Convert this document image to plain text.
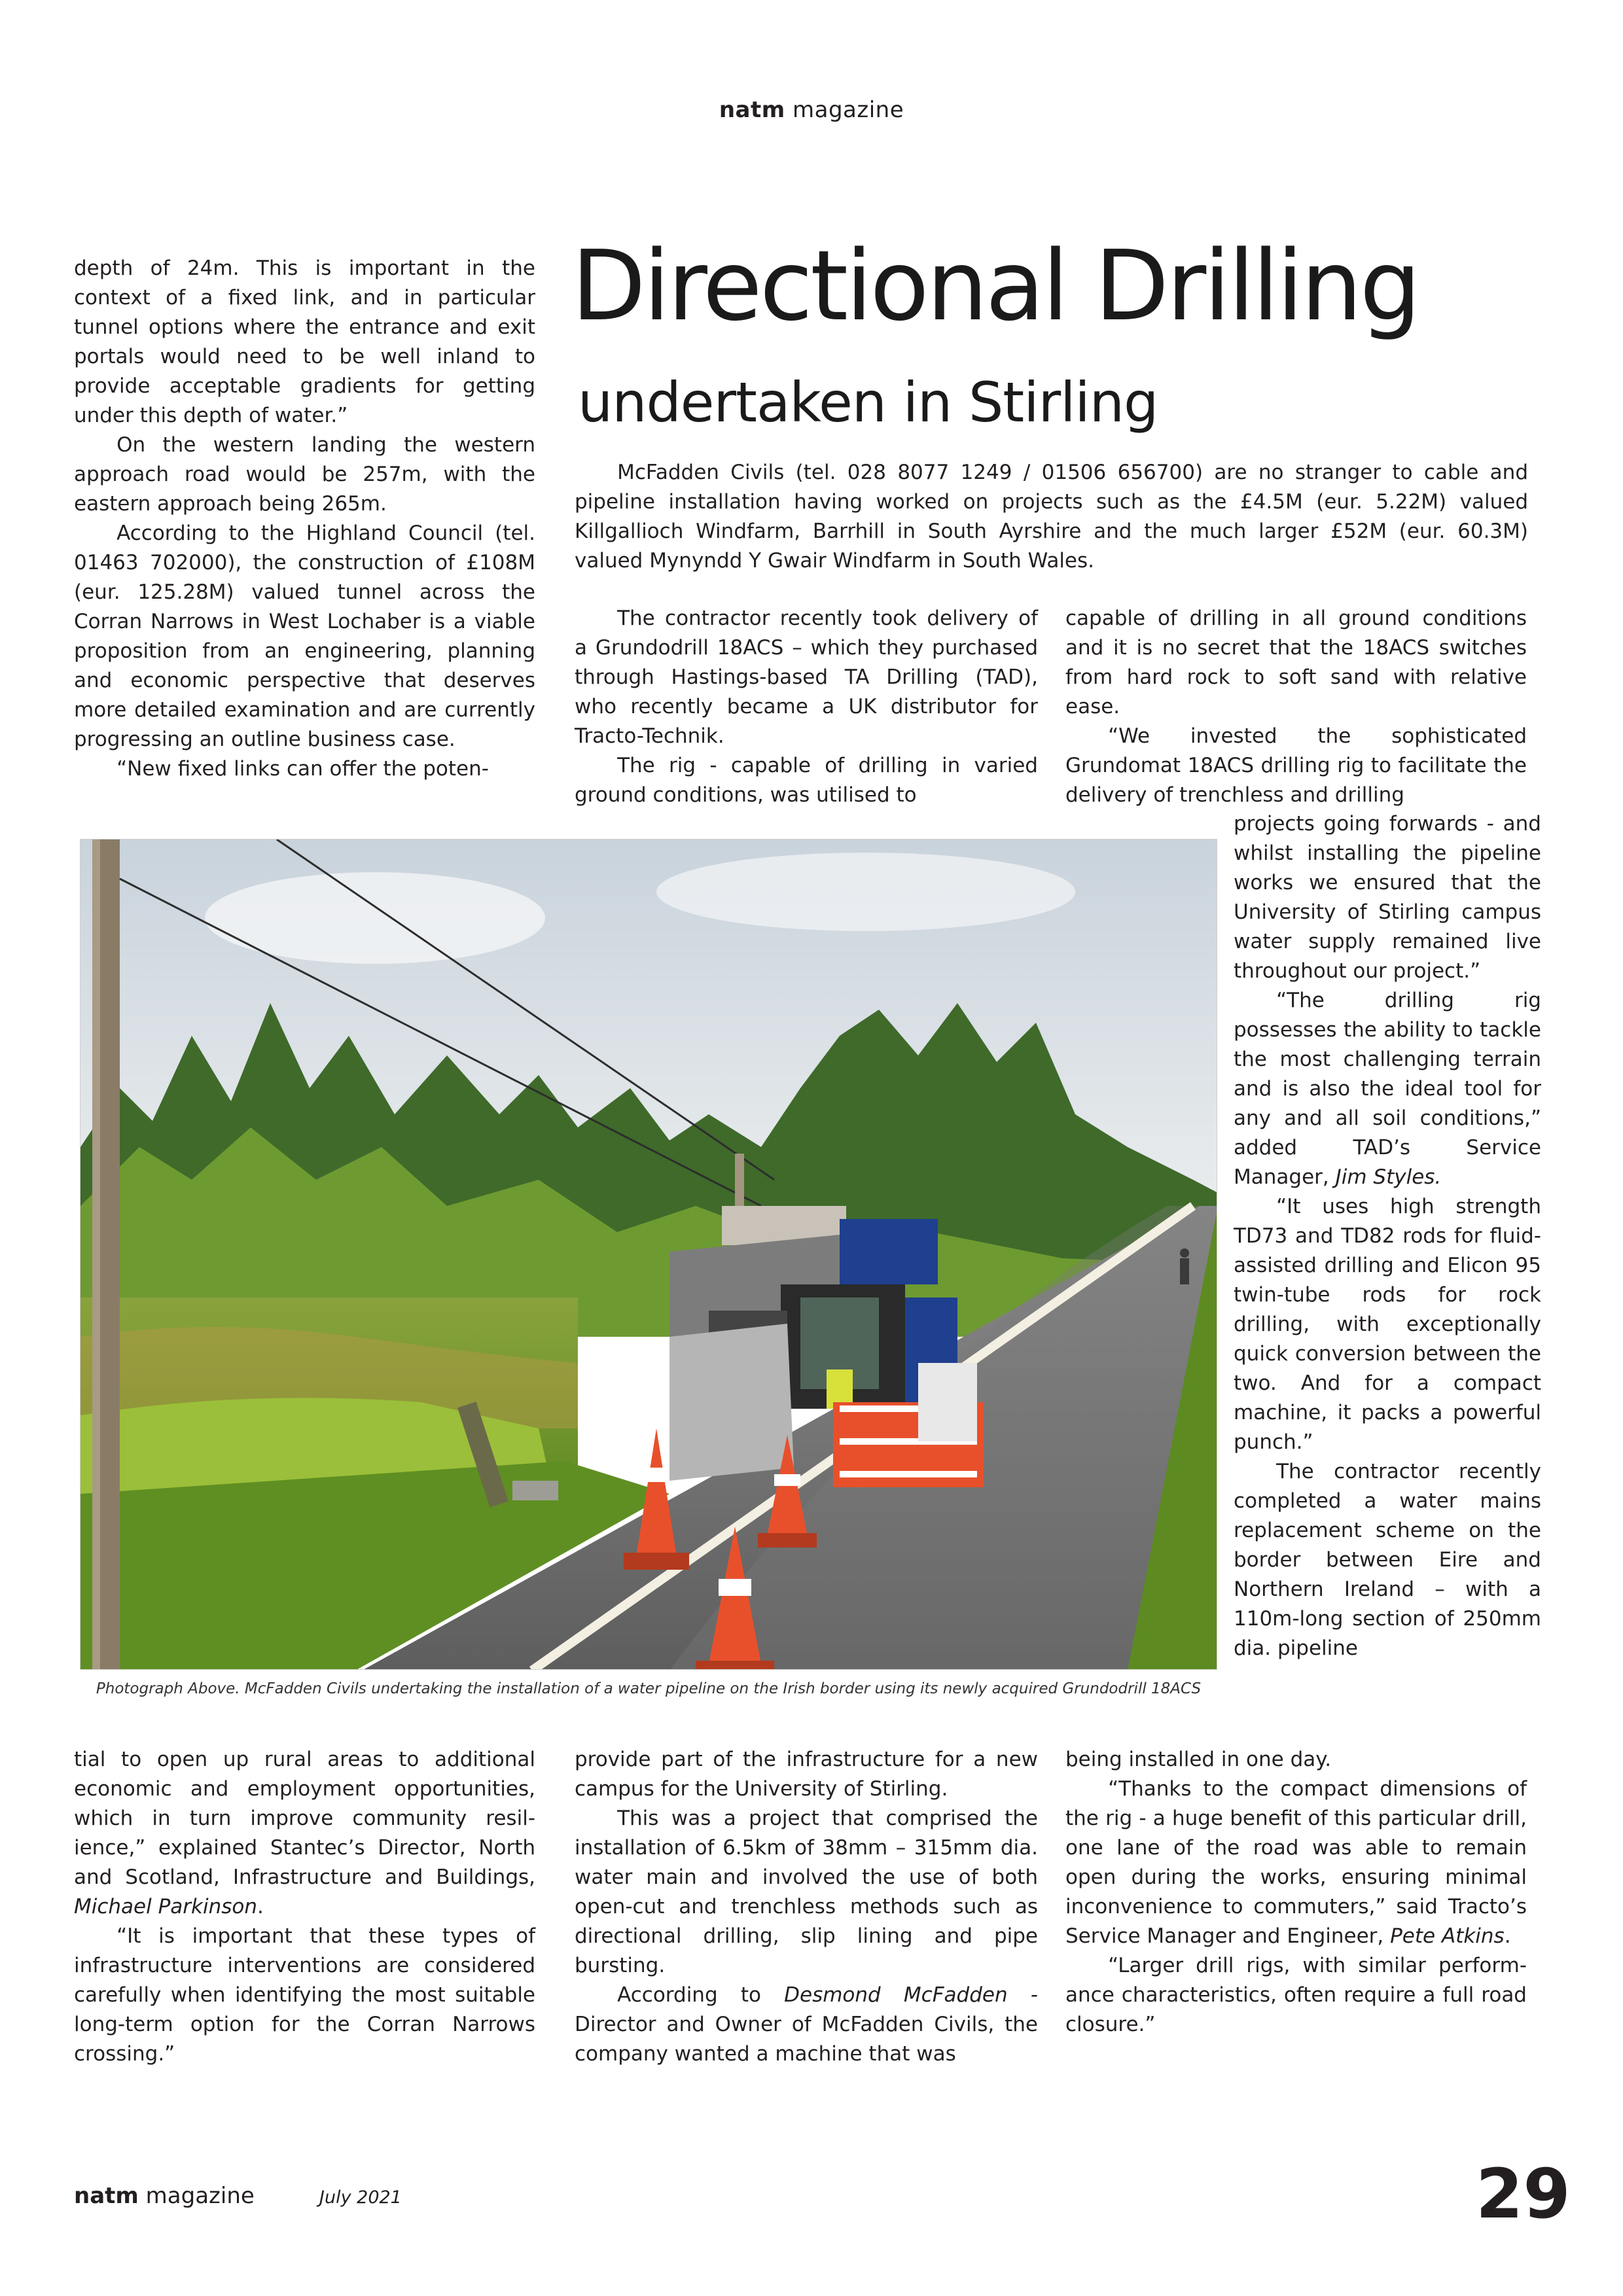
natm magazine

depth of 24m. This is important in the context of a fixed link, and in particular tunnel options where the entrance and exit portals would need to be well inland to provide acceptable gradients for getting under this depth of water.”

On the western landing the western approach road would be 257m, with the eastern approach being 265m.

According to the Highland Council (tel. 01463 702000), the construction of £108M (eur. 125.28M) valued tunnel across the Corran Narrows in West Lochaber is a viable proposition from an engineering, planning and economic perspective that deserves more detailed examination and are currently progressing an outline business case.

“New fixed links can offer the poten-

Directional Drilling
undertaken in Stirling

McFadden Civils (tel. 028 8077 1249 / 01506 656700) are no stranger to cable and pipeline installation having worked on projects such as the £4.5M (eur. 5.22M) valued Killgallioch Windfarm, Barrhill in South Ayrshire and the much larger £52M (eur. 60.3M) valued Mynyndd Y Gwair Windfarm in South Wales.

The contractor recently took delivery of a Grundodrill 18ACS – which they purchased through Hastings-based TA Drilling (TAD), who recently became a UK distributor for Tracto-Technik.

The rig - capable of drilling in varied ground conditions, was utilised to

capable of drilling in all ground conditions and it is no secret that the 18ACS switches from hard rock to soft sand with relative ease.

“We invested the sophisticated Grundomat 18ACS drilling rig to facilitate the delivery of trenchless and drilling

projects going forwards - and whilst installing the pipeline works we ensured that the University of Stirling campus water supply remained live throughout our project.”

“The drilling rig possesses the ability to tackle the most challenging terrain and is also the ideal tool for any and all soil conditions,” added TAD’s Service Manager, Jim Styles.

“It uses high strength TD73 and TD82 rods for fluid-assisted drilling and Elicon 95 twin-tube rods for rock drilling, with exceptionally quick conversion between the two. And for a compact machine, it packs a powerful punch.”

The contractor recently completed a water mains replacement scheme on the border between Eire and Northern Ireland – with a 110m-long section of 250mm dia. pipeline

Photograph Above. McFadden Civils undertaking the installation of a water pipeline on the Irish border using its newly acquired Grundodrill 18ACS

tial to open up rural areas to additional economic and employment opportunities, which in turn improve community resilience,” explained Stantec’s Director, North and Scotland, Infrastructure and Buildings, Michael Parkinson.

“It is important that these types of infrastructure interventions are considered carefully when identifying the most suitable long-term option for the Corran Narrows crossing.”

provide part of the infrastructure for a new campus for the University of Stirling.

This was a project that comprised the installation of 6.5km of 38mm – 315mm dia. water main and involved the use of both open-cut and trenchless methods such as directional drilling, slip lining and pipe bursting.

According to Desmond McFadden - Director and Owner of McFadden Civils, the company wanted a machine that was

being installed in one day.

“Thanks to the compact dimensions of the rig - a huge benefit of this particular drill, one lane of the road was able to remain open during the works, ensuring minimal inconvenience to commuters,” said Tracto’s Service Manager and Engineer, Pete Atkins.

“Larger drill rigs, with similar performance characteristics, often require a full road closure.”

natm magazine	July 2021	29
